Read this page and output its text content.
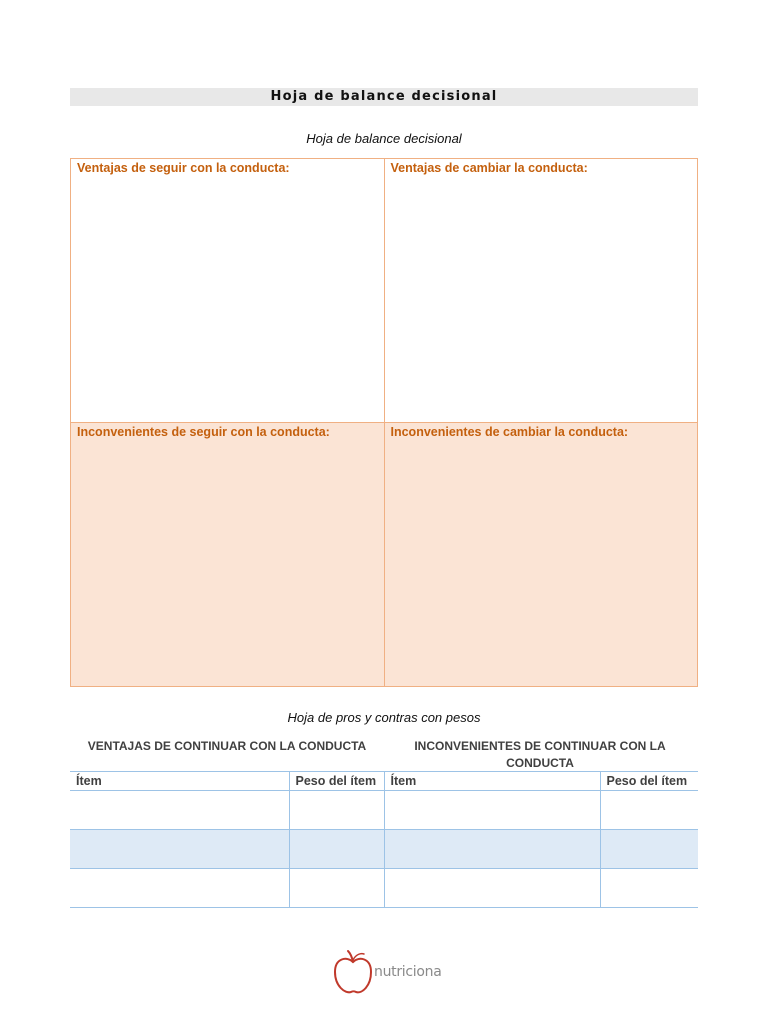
Hoja de balance decisional
Hoja de balance decisional
Ventajas de seguir con la conducta:	Ventajas de cambiar la conducta:
Inconvenientes de seguir con la conducta:	Inconvenientes de cambiar la conducta:
Hoja de pros y contras con pesos
VENTAJAS DE CONTINUAR CON LA CONDUCTA	INCONVENIENTES DE CONTINUAR CON LA CONDUCTA
Ítem	Peso del ítem	Ítem	Peso del ítem

nutriciona
